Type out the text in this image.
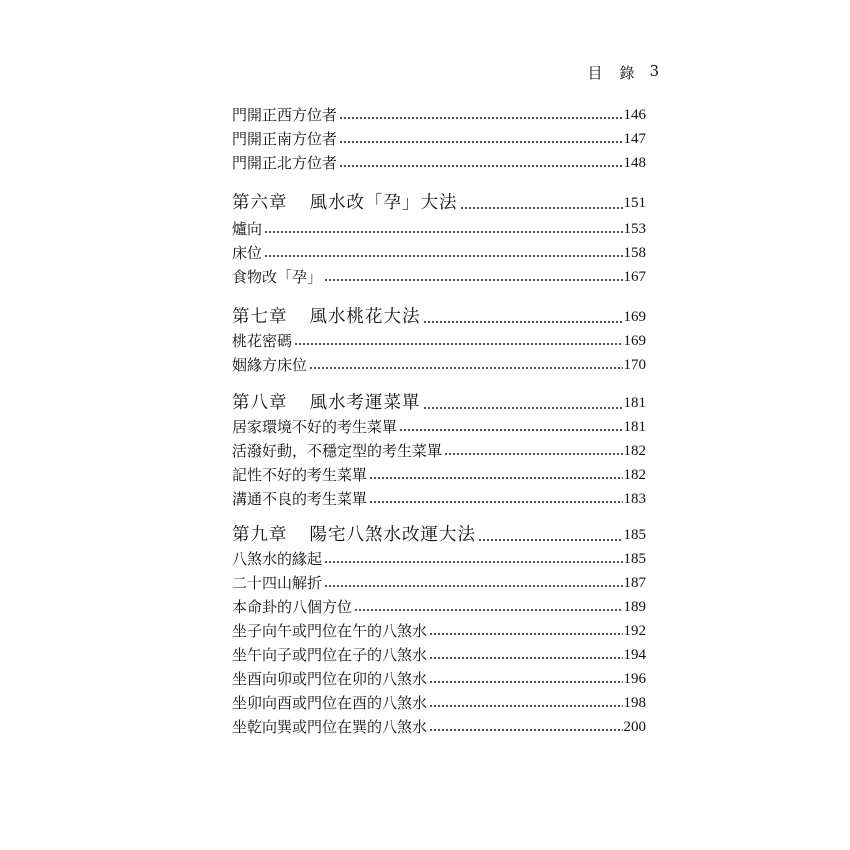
目　錄 3
門開正西方位者	146
門開正南方位者	147
門開正北方位者	148
第六章 風水改「孕」大法	151
爐向	153
床位	158
食物改「孕」	167
第七章 風水桃花大法	169
桃花密碼	169
姻緣方床位	170
第八章 風水考運菜單	181
居家環境不好的考生菜單	181
活潑好動，不穩定型的考生菜單	182
記性不好的考生菜單	182
溝通不良的考生菜單	183
第九章 陽宅八煞水改運大法	185
八煞水的緣起	185
二十四山解折	187
本命卦的八個方位	189
坐子向午或門位在午的八煞水	192
坐午向子或門位在子的八煞水	194
坐酉向卯或門位在卯的八煞水	196
坐卯向酉或門位在酉的八煞水	198
坐乾向巽或門位在巽的八煞水	200
